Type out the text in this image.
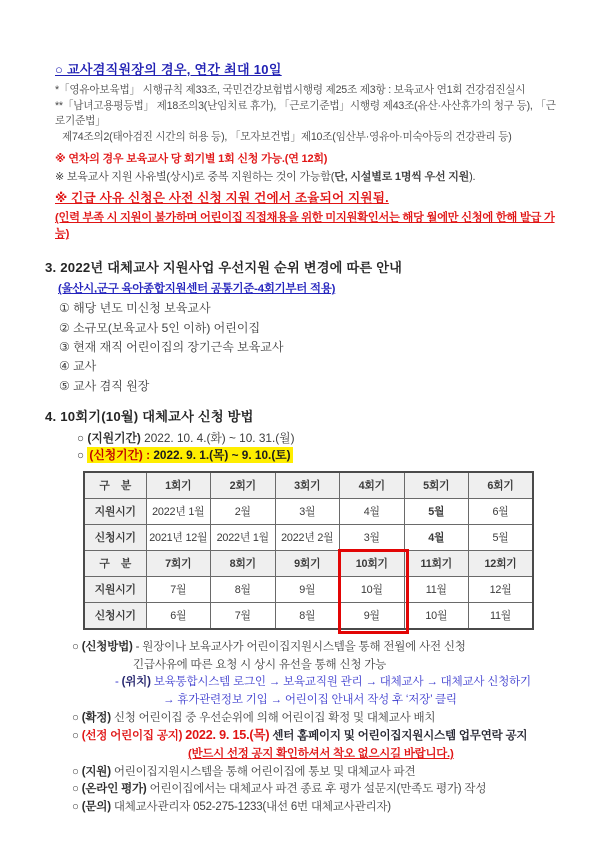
○ 교사겸직원장의 경우, 연간 최대 10일
*「영유아보육법」 시행규칙 제33조, 국민건강보험법시행령 제25조 제3항 : 보육교사 연1회 건강검진실시
**「남녀고용평등법」 제18조의3(난임치료 휴가), 「근로기준법」시행령 제43조(유산·사산휴가의 청구 등), 「근로기준법」
제74조의2(태아검진 시간의 허용 등), 「모자보건법」제10조(임산부·영유아·미숙아등의 건강관리 등)
※ 연차의 경우 보육교사 당 회기별 1회 신청 가능.(연 12회)
※ 보육교사 지원 사유별(상시)로 중복 지원하는 것이 가능함(단, 시설별로 1명씩 우선 지원).
※ 긴급 사유 신청은 사전 신청 지원 건에서 조율되어 지원됨.
(인력 부족 시 지원이 불가하며 어린이집 직접채용을 위한 미지원확인서는 해당 월에만 신청에 한해 발급 가능)
3. 2022년 대체교사 지원사업 우선지원 순위 변경에 따른 안내
(울산시,군구 육아종합지원센터 공통기준-4회기부터 적용)
① 해당 년도 미신청 보육교사
② 소규모(보육교사 5인 이하) 어린이집
③ 현재 재직 어린이집의 장기근속 보육교사
④ 교사
⑤ 교사 겸직 원장
4. 10회기(10월) 대체교사 신청 방법
○ (지원기간) 2022. 10. 4.(화) ~ 10. 31.(월)
○ (신청기간) : 2022. 9. 1.(목) ~ 9. 10.(토)
구    분	1회기	2회기	3회기	4회기	5회기	6회기
지원시기	2022년 1월	2월	3월	4월	5월	6월
신청시기	2021년 12월	2022년 1월	2022년 2월	3월	4월	5월
구    분	7회기	8회기	9회기	10회기	11회기	12회기
지원시기	7월	8월	9월	10월	11월	12월
신청시기	6월	7월	8월	9월	10월	11월
○ (신청방법) - 원장이나 보육교사가 어린이집지원시스템을 통해 전월에 사전 신청
긴급사유에 따른 요청 시 상시 유선을 통해 신청 가능
- (위치) 보육통합시스템 로그인 → 보육교직원 관리 → 대체교사 → 대체교사 신청하기
→ 휴가관련정보 기입 → 어린이집 안내서 작성 후 ‘저장’ 클릭
○ (확정) 신청 어린이집 중 우선순위에 의해 어린이집 확정 및 대체교사 배치
○ (선정 어린이집 공지) 2022. 9. 15.(목) 센터 홈페이지 및 어린이집지원시스템 업무연락 공지
(반드시 선정 공지 확인하셔서 착오 없으시길 바랍니다.)
○ (지원) 어린이집지원시스템을 통해 어린이집에 통보 및 대체교사 파견
○ (온라인 평가) 어린이집에서는 대체교사 파견 종료 후 평가 설문지(만족도 평가) 작성
○ (문의) 대체교사관리자 052-275-1233(내선 6번 대체교사관리자)
